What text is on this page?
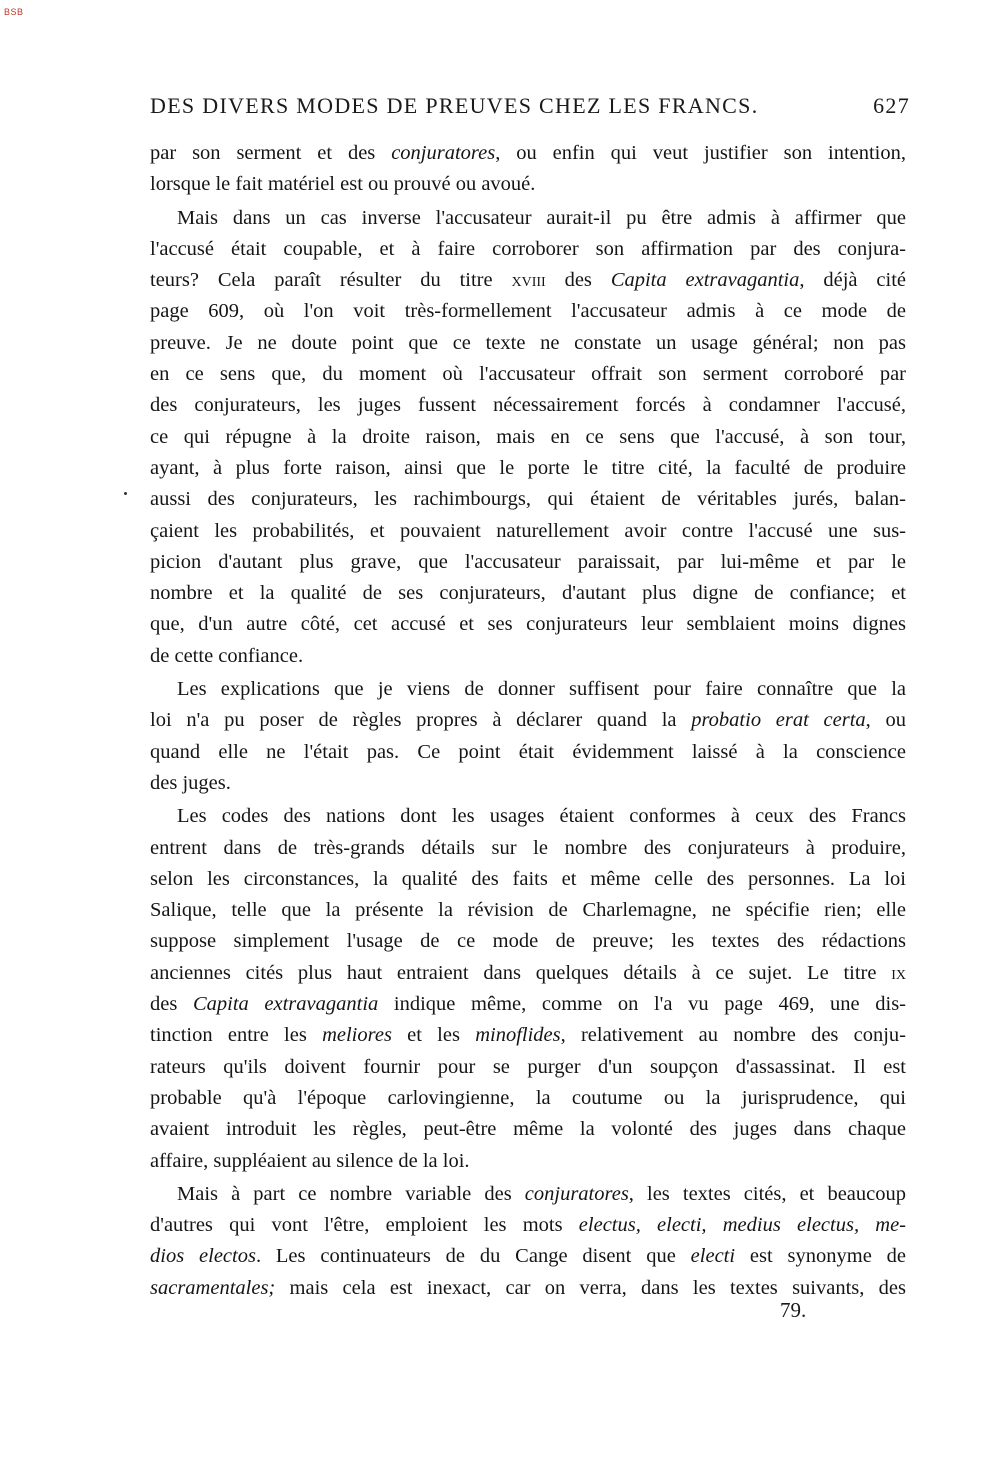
BSB
DES DIVERS MODES DE PREUVES CHEZ LES FRANCS.	627
par son serment et des conjuratores, ou enfin qui veut justifier son intention,
lorsque le fait matériel est ou prouvé ou avoué.
Mais dans un cas inverse l'accusateur aurait-il pu être admis à affirmer que
l'accusé était coupable, et à faire corroborer son affirmation par des conjura-
teurs? Cela paraît résulter du titre xviii des Capita extravagantia, déjà cité
page 609, où l'on voit très-formellement l'accusateur admis à ce mode de
preuve. Je ne doute point que ce texte ne constate un usage général; non pas
en ce sens que, du moment où l'accusateur offrait son serment corroboré par
des conjurateurs, les juges fussent nécessairement forcés à condamner l'accusé,
ce qui répugne à la droite raison, mais en ce sens que l'accusé, à son tour,
ayant, à plus forte raison, ainsi que le porte le titre cité, la faculté de produire
aussi des conjurateurs, les rachimbourgs, qui étaient de véritables jurés, balan-
çaient les probabilités, et pouvaient naturellement avoir contre l'accusé une sus-
picion d'autant plus grave, que l'accusateur paraissait, par lui-même et par le
nombre et la qualité de ses conjurateurs, d'autant plus digne de confiance; et
que, d'un autre côté, cet accusé et ses conjurateurs leur semblaient moins dignes
de cette confiance.
Les explications que je viens de donner suffisent pour faire connaître que la
loi n'a pu poser de règles propres à déclarer quand la probatio erat certa, ou
quand elle ne l'était pas. Ce point était évidemment laissé à la conscience
des juges.
Les codes des nations dont les usages étaient conformes à ceux des Francs
entrent dans de très-grands détails sur le nombre des conjurateurs à produire,
selon les circonstances, la qualité des faits et même celle des personnes. La loi
Salique, telle que la présente la révision de Charlemagne, ne spécifie rien; elle
suppose simplement l'usage de ce mode de preuve; les textes des rédactions
anciennes cités plus haut entraient dans quelques détails à ce sujet. Le titre ix
des Capita extravagantia indique même, comme on l'a vu page 469, une dis-
tinction entre les meliores et les minoflides, relativement au nombre des conju-
rateurs qu'ils doivent fournir pour se purger d'un soupçon d'assassinat. Il est
probable qu'à l'époque carlovingienne, la coutume ou la jurisprudence, qui
avaient introduit les règles, peut-être même la volonté des juges dans chaque
affaire, suppléaient au silence de la loi.
Mais à part ce nombre variable des conjuratores, les textes cités, et beaucoup
d'autres qui vont l'être, emploient les mots electus, electi, medius electus, me-
dios electos. Les continuateurs de du Cange disent que electi est synonyme de
sacramentales; mais cela est inexact, car on verra, dans les textes suivants, des
79.
